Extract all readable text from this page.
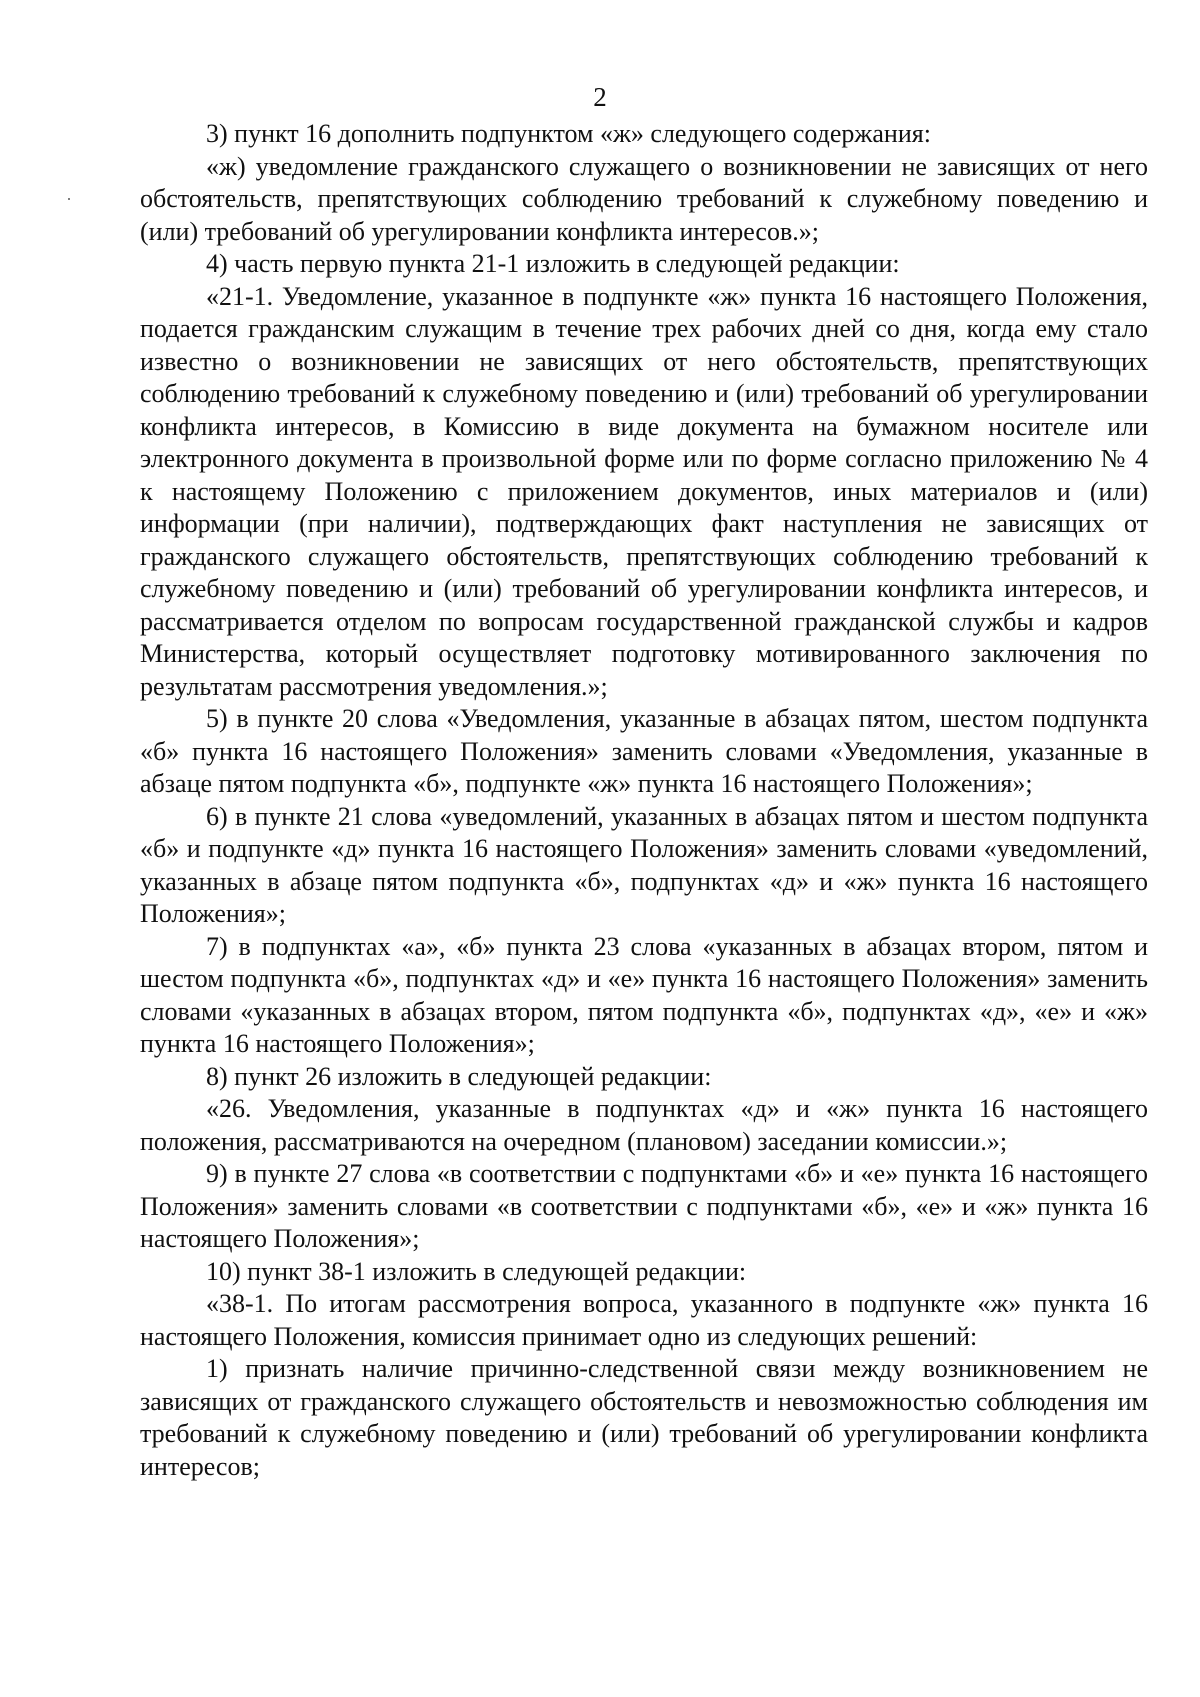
2

3) пункт 16 дополнить подпунктом «ж» следующего содержания:

«ж) уведомление гражданского служащего о возникновении не зависящих от него обстоятельств, препятствующих соблюдению требований к служебному поведению и (или) требований об урегулировании конфликта интересов.»;

4) часть первую пункта 21-1 изложить в следующей редакции:

«21-1. Уведомление, указанное в подпункте «ж» пункта 16 настоящего Положения, подается гражданским служащим в течение трех рабочих дней со дня, когда ему стало известно о возникновении не зависящих от него обстоятельств, препятствующих соблюдению требований к служебному поведению и (или) требований об урегулировании конфликта интересов, в Комиссию в виде документа на бумажном носителе или электронного документа в произвольной форме или по форме согласно приложению № 4 к настоящему Положению с приложением документов, иных материалов и (или) информации (при наличии), подтверждающих факт наступления не зависящих от гражданского служащего обстоятельств, препятствующих соблюдению требований к служебному поведению и (или) требований об урегулировании конфликта интересов, и рассматривается отделом по вопросам государственной гражданской службы и кадров Министерства, который осуществляет подготовку мотивированного заключения по результатам рассмотрения уведомления.»;

5) в пункте 20 слова «Уведомления, указанные в абзацах пятом, шестом подпункта «б» пункта 16 настоящего Положения» заменить словами «Уведомления, указанные в абзаце пятом подпункта «б», подпункте «ж» пункта 16 настоящего Положения»;

6) в пункте 21 слова «уведомлений, указанных в абзацах пятом и шестом подпункта «б» и подпункте «д» пункта 16 настоящего Положения» заменить словами «уведомлений, указанных в абзаце пятом подпункта «б», подпунктах «д» и «ж» пункта 16 настоящего Положения»;

7) в подпунктах «а», «б» пункта 23 слова «указанных в абзацах втором, пятом и шестом подпункта «б», подпунктах «д» и «е» пункта 16 настоящего Положения» заменить словами «указанных в абзацах втором, пятом подпункта «б», подпунктах «д», «е» и «ж» пункта 16 настоящего Положения»;

8) пункт 26 изложить в следующей редакции:

«26. Уведомления, указанные в подпунктах «д» и «ж» пункта 16 настоящего положения, рассматриваются на очередном (плановом) заседании комиссии.»;

9) в пункте 27 слова «в соответствии с подпунктами «б» и «е» пункта 16 настоящего Положения» заменить словами «в соответствии с подпунктами «б», «е» и «ж» пункта 16 настоящего Положения»;

10) пункт 38-1 изложить в следующей редакции:

«38-1. По итогам рассмотрения вопроса, указанного в подпункте «ж» пункта 16 настоящего Положения, комиссия принимает одно из следующих решений:

1) признать наличие причинно-следственной связи между возникновением не зависящих от гражданского служащего обстоятельств и невозможностью соблюдения им требований к служебному поведению и (или) требований об урегулировании конфликта интересов;
